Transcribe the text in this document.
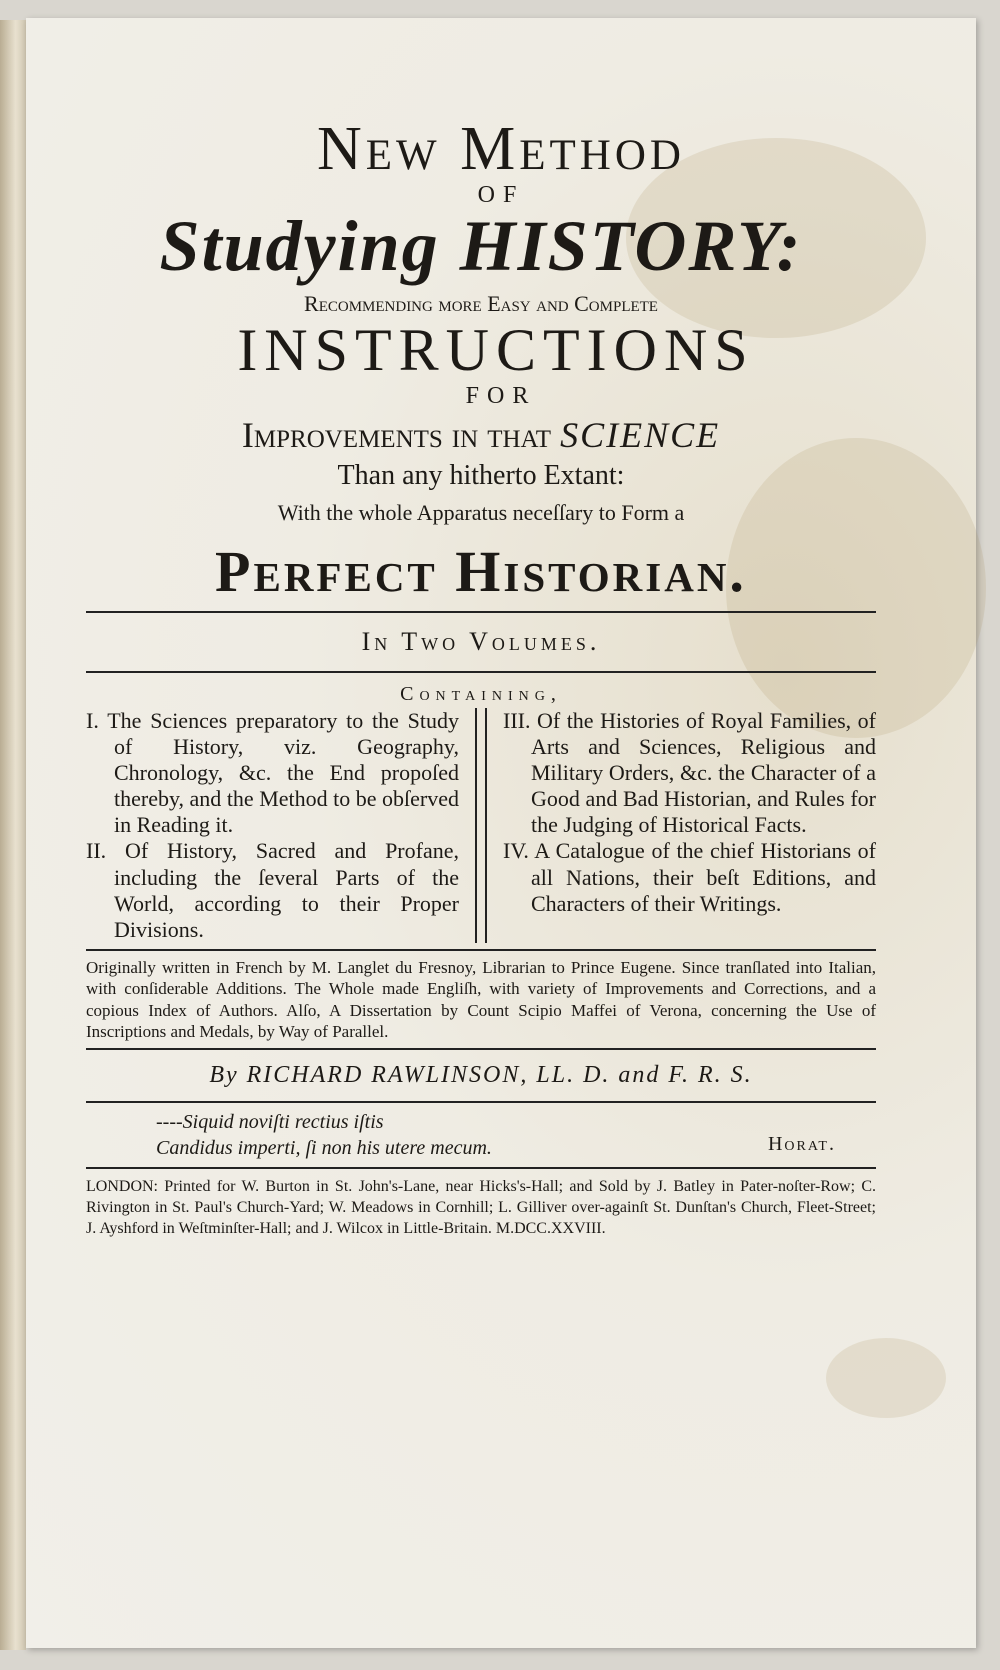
New Method
OF
Studying HISTORY:
Recommending more Easy and Complete
INSTRUCTIONS
FOR
Improvements in that SCIENCE
Than any hitherto Extant:
With the whole Apparatus neceſſary to Form a
Perfect Historian.
In Two Volumes.
Containing,

I. The Sciences preparatory to the Study of History, viz. Geography, Chronology, &c. the End propoſed thereby, and the Method to be obſerved in Reading it.

II. Of History, Sacred and Profane, including the ſeveral Parts of the World, according to their Proper Divisions.

III. Of the Histories of Royal Families, of Arts and Sciences, Religious and Military Orders, &c. the Character of a Good and Bad Historian, and Rules for the Judging of Historical Facts.

IV. A Catalogue of the chief Historians of all Nations, their beſt Editions, and Characters of their Writings.

Originally written in French by M. Langlet du Fresnoy, Librarian to Prince Eugene. Since tranſlated into Italian, with conſiderable Additions. The Whole made Engliſh, with variety of Improvements and Corrections, and a copious Index of Authors. Alſo, A Dissertation by Count Scipio Maffei of Verona, concerning the Use of Inscriptions and Medals, by Way of Parallel.
By RICHARD RAWLINSON, LL. D. and F. R. S.
----Siquid noviſti rectius iſtis
Candidus imperti, ſi non his utere mecum.	Horat.
LONDON: Printed for W. Burton in St. John's-Lane, near Hicks's-Hall; and Sold by J. Batley in Pater-noſter-Row; C. Rivington in St. Paul's Church-Yard; W. Meadows in Cornhill; L. Gilliver over-againſt St. Dunſtan's Church, Fleet-Street; J. Ayshford in Weſtminſter-Hall; and J. Wilcox in Little-Britain. M.DCC.XXVIII.
